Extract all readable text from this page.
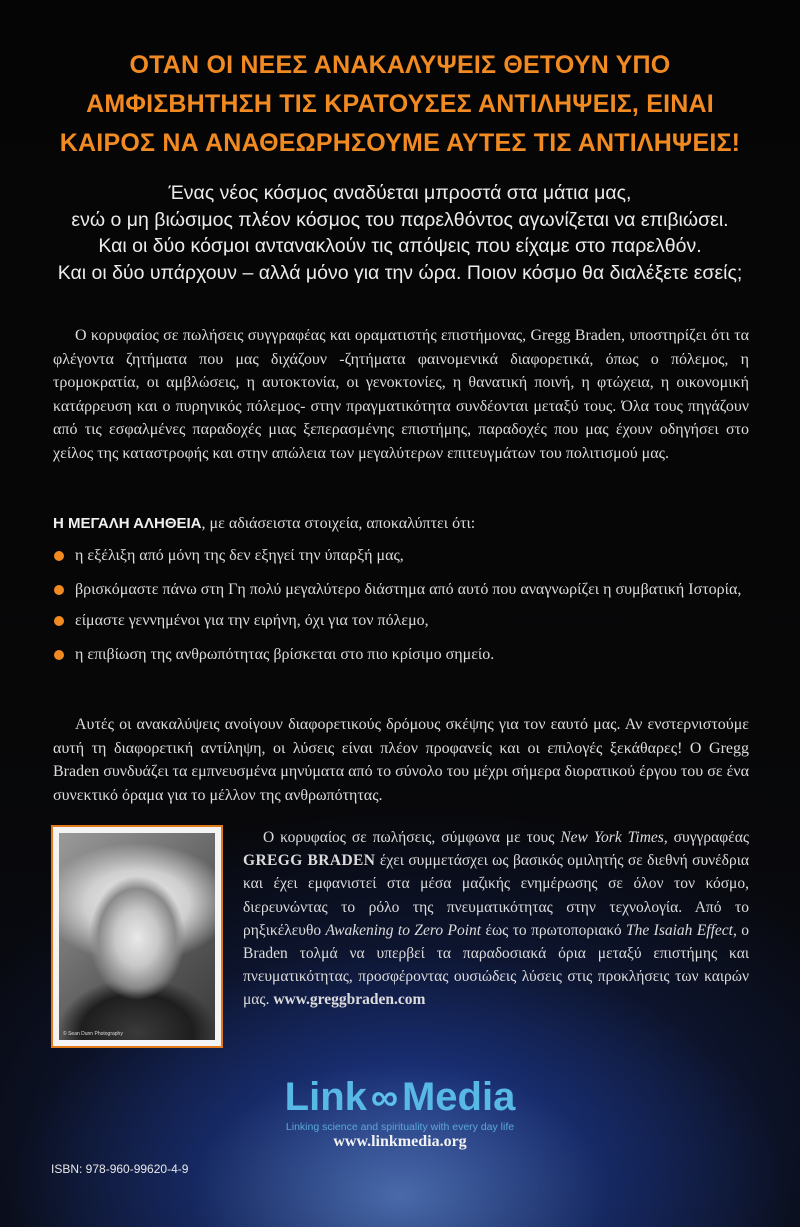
ΟΤΑΝ ΟΙ ΝΕΕΣ ΑΝΑΚΑΛΥΨΕΙΣ ΘΕΤΟΥΝ ΥΠΟ
ΑΜΦΙΣΒΗΤΗΣΗ ΤΙΣ ΚΡΑΤΟΥΣΕΣ ΑΝΤΙΛΗΨΕΙΣ, ΕΙΝΑΙ
ΚΑΙΡΟΣ ΝΑ ΑΝΑΘΕΩΡΗΣΟΥΜΕ ΑΥΤΕΣ ΤΙΣ ΑΝΤΙΛΗΨΕΙΣ!
Ένας νέος κόσμος αναδύεται μπροστά στα μάτια μας,
ενώ ο μη βιώσιμος πλέον κόσμος του παρελθόντος αγωνίζεται να επιβιώσει.
Και οι δύο κόσμοι αντανακλούν τις απόψεις που είχαμε στο παρελθόν.
Και οι δύο υπάρχουν – αλλά μόνο για την ώρα. Ποιον κόσμο θα διαλέξετε εσείς;

Ο κορυφαίος σε πωλήσεις συγγραφέας και οραματιστής επιστήμονας, Gregg Braden, υποστηρίζει ότι τα φλέγοντα ζητήματα που μας διχάζουν -ζητήματα φαινομενικά διαφορετικά, όπως ο πόλεμος, η τρομοκρατία, οι αμβλώσεις, η αυτοκτονία, οι γενοκτονίες, η θανατική ποινή, η φτώχεια, η οικονομική κατάρρευση και ο πυρηνικός πόλεμος- στην πραγματικότητα συνδέονται μεταξύ τους. Όλα τους πηγάζουν από τις εσφαλμένες παραδοχές μιας ξεπερασμένης επιστήμης, παραδοχές που μας έχουν οδηγήσει στο χείλος της καταστροφής και στην απώλεια των μεγαλύτερων επιτευγμάτων του πολιτισμού μας.

Η ΜΕΓΑΛΗ ΑΛΗΘΕΙΑ, με αδιάσειστα στοιχεία, αποκαλύπτει ότι:
η εξέλιξη από μόνη της δεν εξηγεί την ύπαρξή μας,
βρισκόμαστε πάνω στη Γη πολύ μεγαλύτερο διάστημα από αυτό που αναγνωρίζει η συμβατική Ιστορία,
είμαστε γεννημένοι για την ειρήνη, όχι για τον πόλεμο,
η επιβίωση της ανθρωπότητας βρίσκεται στο πιο κρίσιμο σημείο.

Αυτές οι ανακαλύψεις ανοίγουν διαφορετικούς δρόμους σκέψης για τον εαυτό μας. Αν ενστερνιστούμε αυτή τη διαφορετική αντίληψη, οι λύσεις είναι πλέον προφανείς και οι επιλογές ξεκάθαρες! Ο Gregg Braden συνδυάζει τα εμπνευσμένα μηνύματα από το σύνολο του μέχρι σήμερα διορατικού έργου του σε ένα συνεκτικό όραμα για το μέλλον της ανθρωπότητας.

© Sean Dunn Photography

Ο κορυφαίος σε πωλήσεις, σύμφωνα με τους New York Times, συγγραφέας GREGG BRADEN έχει συμμετάσχει ως βασικός ομιλητής σε διεθνή συνέδρια και έχει εμφανιστεί στα μέσα μαζικής ενημέρωσης σε όλον τον κόσμο, διερευνώντας το ρόλο της πνευματικότητας στην τεχνολογία. Από το ρηξικέλευθο Awakening to Zero Point έως το πρωτοποριακό The Isaiah Effect, ο Braden τολμά να υπερβεί τα παραδοσιακά όρια μεταξύ επιστήμης και πνευματικότητας, προσφέροντας ουσιώδεις λύσεις στις προκλήσεις των καιρών μας. www.greggbraden.com

Link ∞ Media
Linking science and spirituality with every day life
www.linkmedia.org
ISBN: 978-960-99620-4-9
